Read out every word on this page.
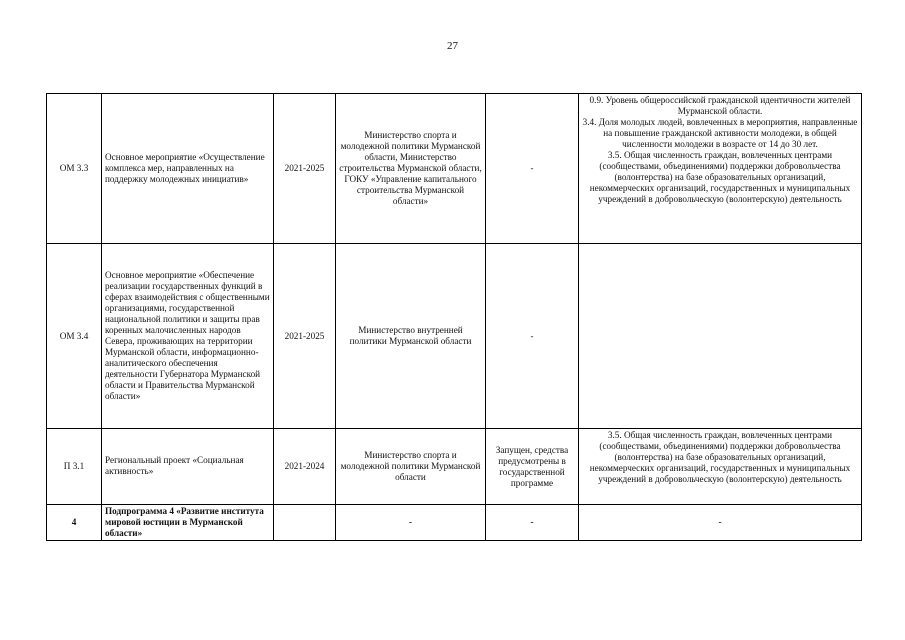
27
ОМ 3.3	Основное мероприятие «Осуществление комплекса мер, направленных на поддержку молодежных инициатив»	2021-2025	Министерство спорта и молодежной политики Мурманской области, Министерство строительства Мурманской области, ГОКУ «Управление капитального строительства Мурманской области»	-	0.9. Уровень общероссийской гражданской идентичности жителей Мурманской области.
3.4. Доля молодых людей, вовлеченных в мероприятия, направленные на повышение гражданской активности молодежи, в общей численности молодежи в возрасте от 14 до 30 лет.
3.5. Общая численность граждан, вовлеченных центрами (сообществами, объединениями) поддержки добровольчества (волонтерства) на базе образовательных организаций, некоммерческих организаций, государственных и муниципальных учреждений в добровольческую (волонтерскую) деятельность

ОМ 3.4	Основное мероприятие «Обеспечение реализации государственных функций в сферах взаимодействия с общественными организациями, государственной национальной политики и защиты прав коренных малочисленных народов Севера, проживающих на территории Мурманской области, информационно-аналитического обеспечения деятельности Губернатора Мурманской области и Правительства Мурманской области»	2021-2025	Министерство внутренней политики Мурманской области	-	
П 3.1	Региональный проект «Социальная активность»	2021-2024	Министерство спорта и молодежной политики Мурманской области	Запущен, средства предусмотрены в государственной программе	3.5. Общая численность граждан, вовлеченных центрами (сообществами, объединениями) поддержки добровольчества (волонтерства) на базе образовательных организаций, некоммерческих организаций, государственных и муниципальных учреждений в добровольческую (волонтерскую) деятельность

4	Подпрограмма 4 «Развитие института мировой юстиции в Мурманской области»		-	-	-
